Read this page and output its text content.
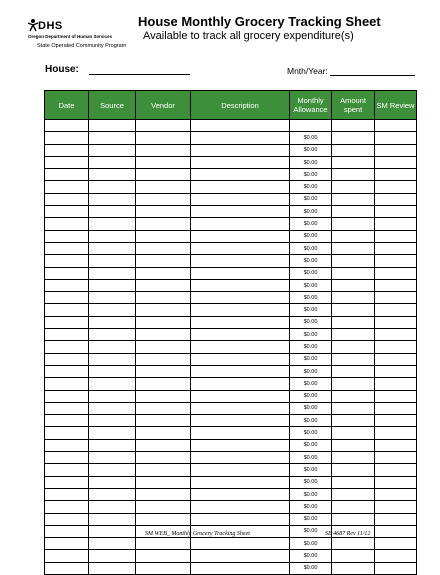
DHS
Oregon Department of Human Services
State Operated Community Program
House Monthly Grocery Tracking Sheet
Available to track all grocery expenditure(s)
House:	Mnth/Year:
Date	Source	Vendor	Description	Monthly Allowance	Amount spent	SM Review

				$0.00		
				$0.00		
				$0.00		
				$0.00		
				$0.00		
				$0.00		
				$0.00		
				$0.00		
				$0.00		
				$0.00		
				$0.00		
				$0.00		
				$0.00		
				$0.00		
				$0.00		
				$0.00		
				$0.00		
				$0.00		
				$0.00		
				$0.00		
				$0.00		
				$0.00		
				$0.00		
				$0.00		
				$0.00		
				$0.00		
				$0.00		
				$0.00		
				$0.00		
				$0.00		
				$0.00		
				$0.00		
				$0.00		
				$0.00		
				$0.00		
				$0.00		
SM WEB_ Monthly Grocery Tracking Sheet	SE 4687 Rev 11/12
